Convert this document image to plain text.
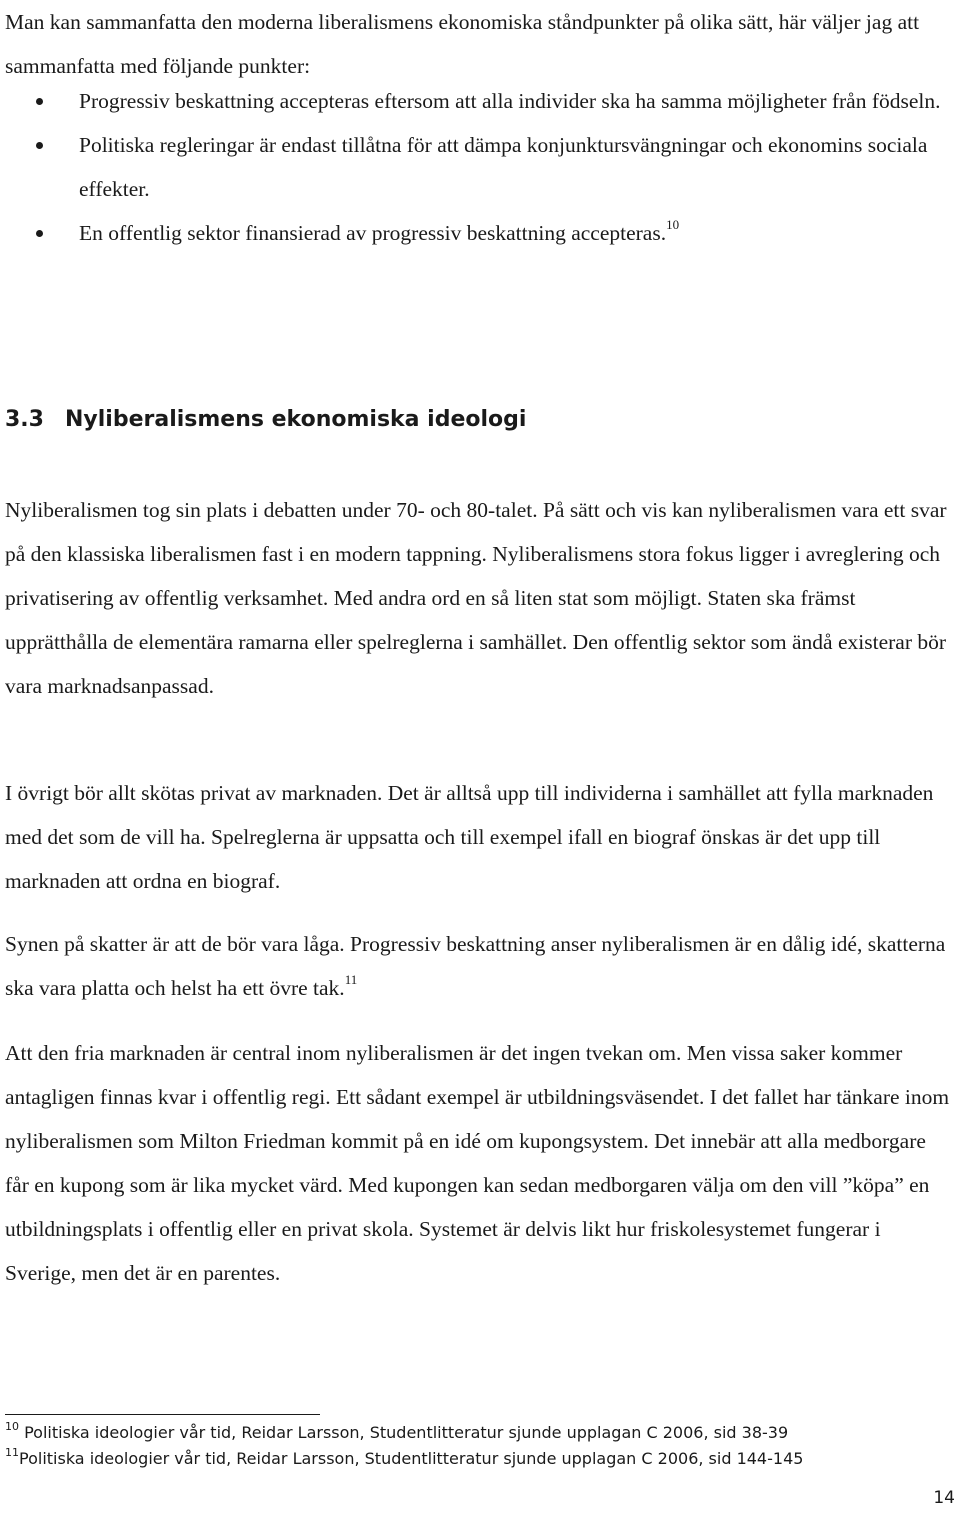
Man kan sammanfatta den moderna liberalismens ekonomiska ståndpunkter på olika sätt, här väljer jag att sammanfatta med följande punkter:

Progressiv beskattning accepteras eftersom att alla individer ska ha samma möjligheter från födseln.
Politiska regleringar är endast tillåtna för att dämpa konjunktursvängningar och ekonomins sociala effekter.
En offentlig sektor finansierad av progressiv beskattning accepteras.$^{10}$
3.3 Nyliberalismens ekonomiska ideologi

Nyliberalismen tog sin plats i debatten under 70- och 80-talet. På sätt och vis kan nyliberalismen vara ett svar på den klassiska liberalismen fast i en modern tappning. Nyliberalismens stora fokus ligger i avreglering och privatisering av offentlig verksamhet. Med andra ord en så liten stat som möjligt. Staten ska främst upprätthålla de elementära ramarna eller spelreglerna i samhället. Den offentlig sektor som ändå existerar bör vara marknadsanpassad.

I övrigt bör allt skötas privat av marknaden. Det är alltså upp till individerna i samhället att fylla marknaden med det som de vill ha. Spelreglerna är uppsatta och till exempel ifall en biograf önskas är det upp till marknaden att ordna en biograf.

Synen på skatter är att de bör vara låga. Progressiv beskattning anser nyliberalismen är en dålig idé, skatterna ska vara platta och helst ha ett övre tak.$^{11}$

Att den fria marknaden är central inom nyliberalismen är det ingen tvekan om. Men vissa saker kommer antagligen finnas kvar i offentlig regi. Ett sådant exempel är utbildningsväsendet. I det fallet har tänkare inom nyliberalismen som Milton Friedman kommit på en idé om kupongsystem. Det innebär att alla medborgare får en kupong som är lika mycket värd. Med kupongen kan sedan medborgaren välja om den vill ”köpa” en utbildningsplats i offentlig eller en privat skola. Systemet är delvis likt hur friskolesystemet fungerar i Sverige, men det är en parentes.

$^{10}$ Politiska ideologier vår tid, Reidar Larsson, Studentlitteratur sjunde upplagan C 2006, sid 38-39
$^{11}$Politiska ideologier vår tid, Reidar Larsson, Studentlitteratur sjunde upplagan C 2006, sid 144-145
14
